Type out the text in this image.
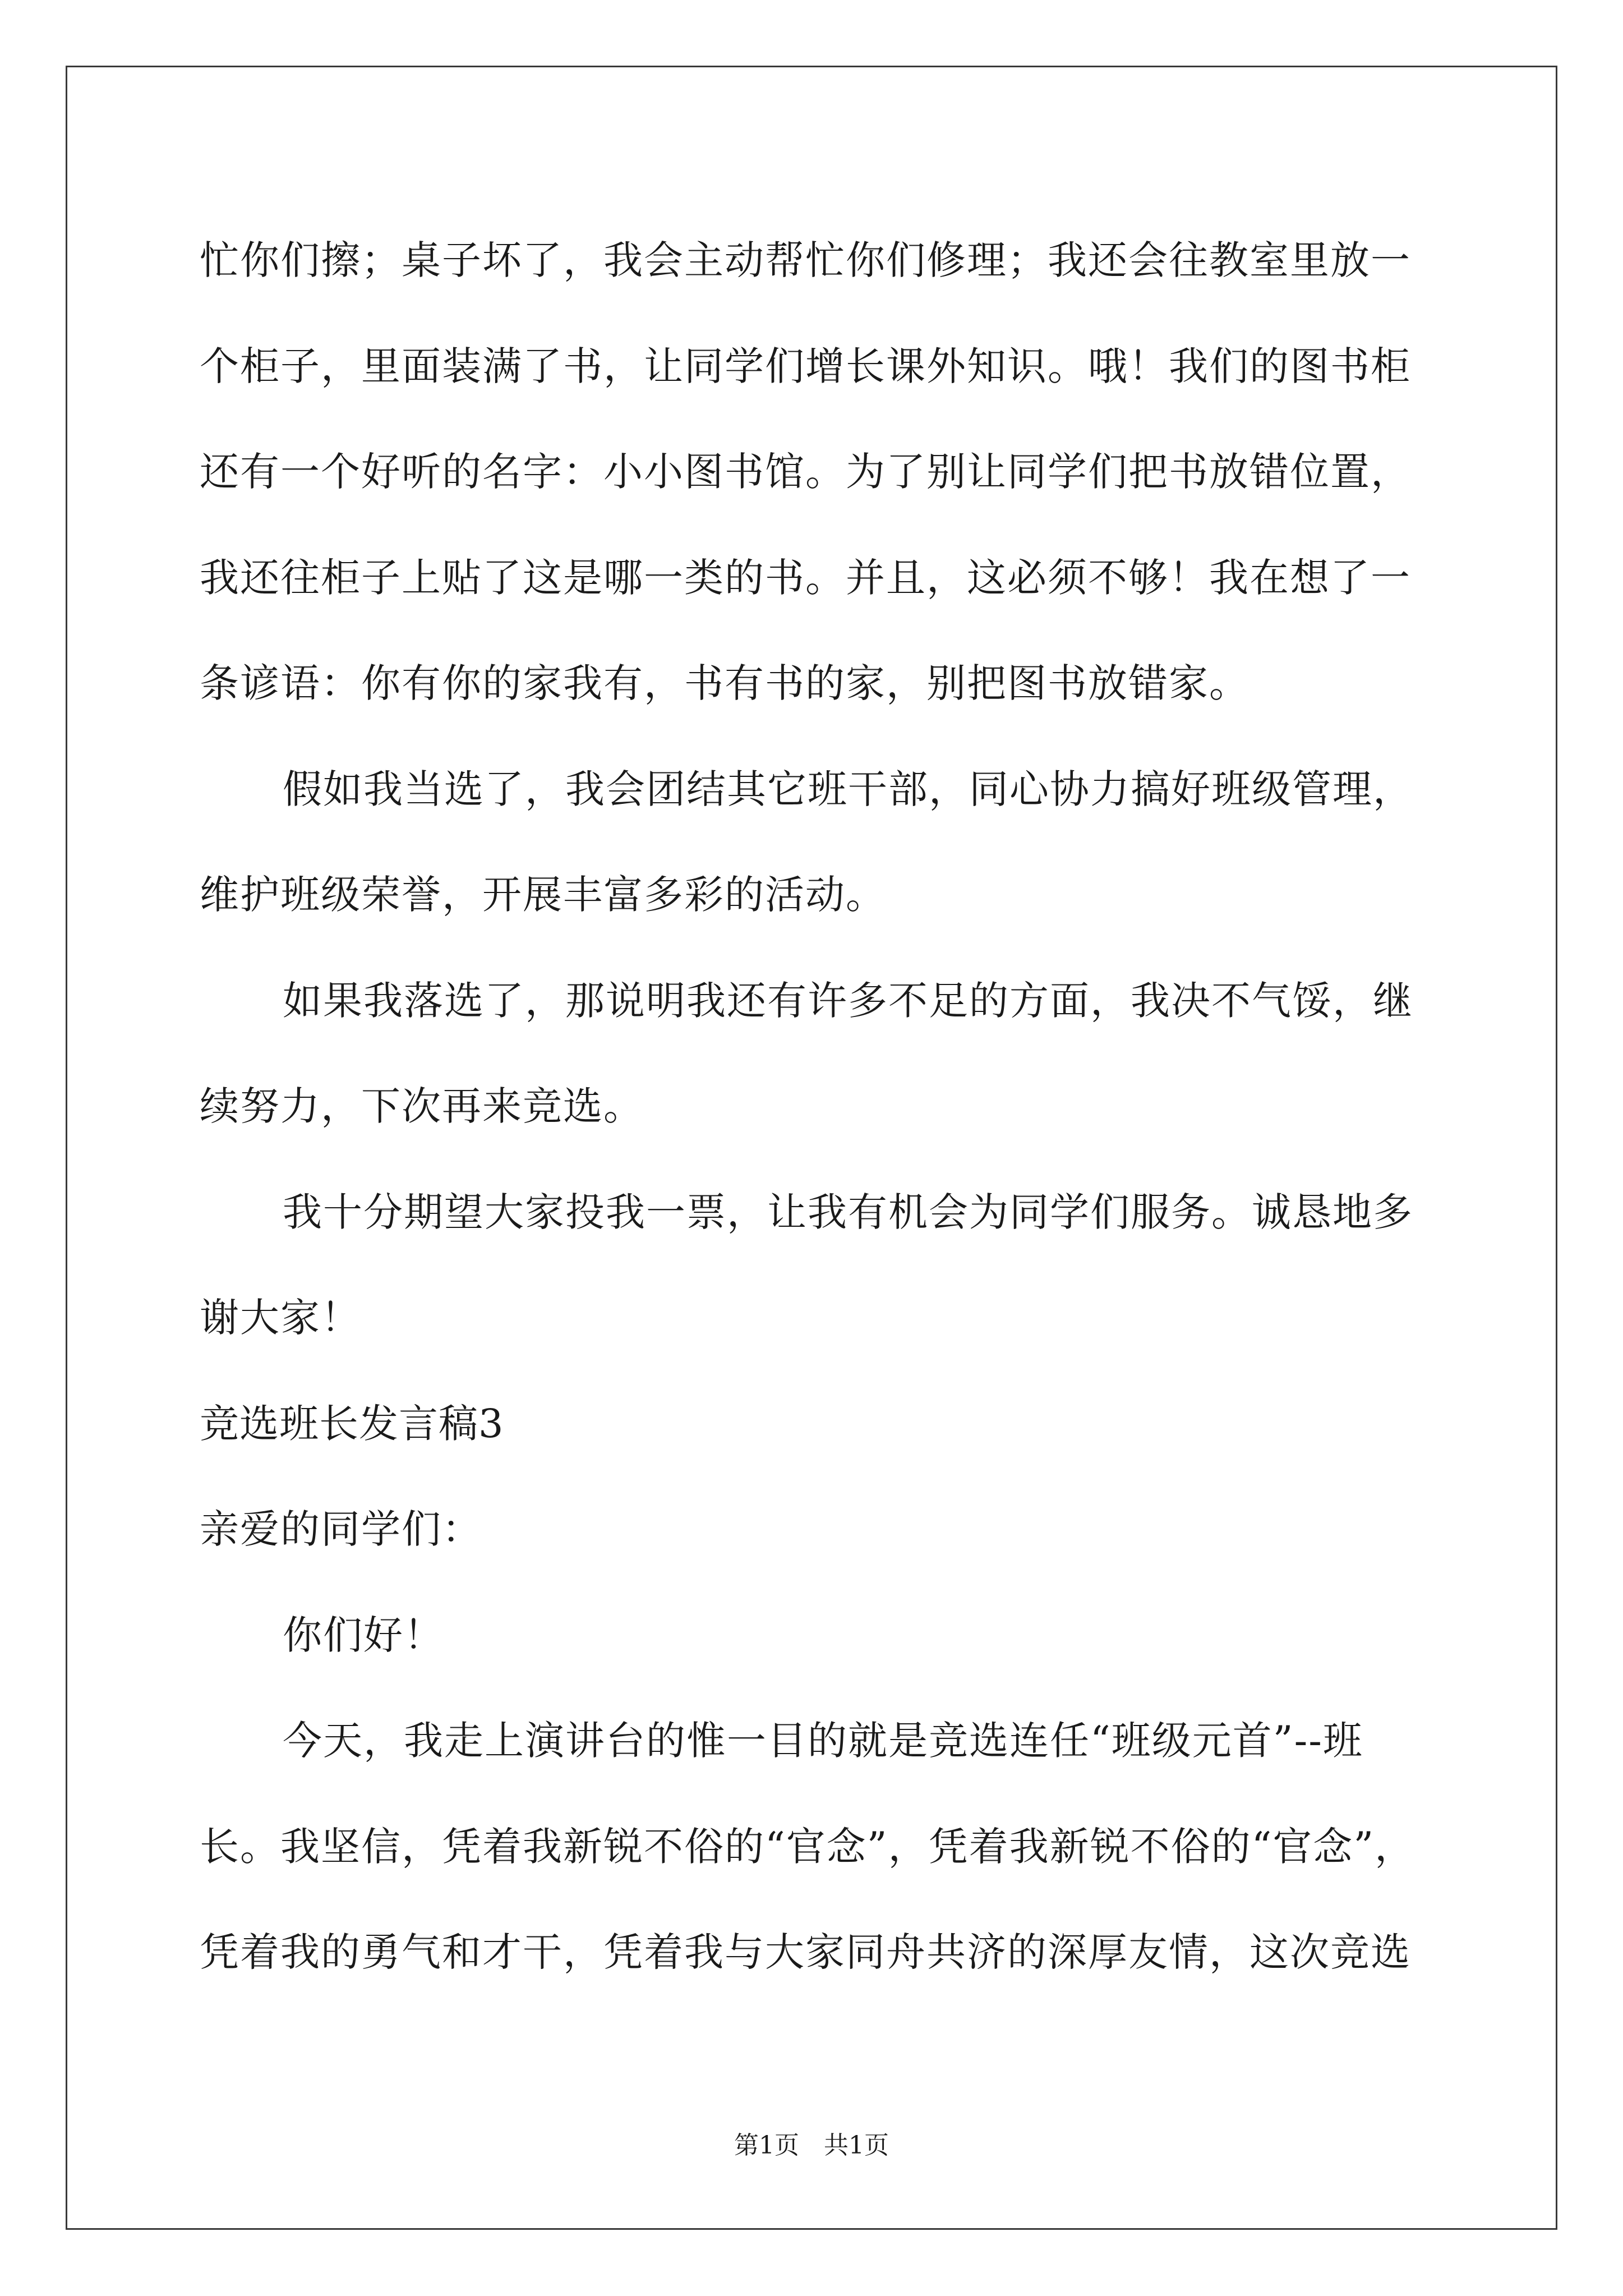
忙你们擦；桌子坏了，我会主动帮忙你们修理；我还会往教室里放一
个柜子，里面装满了书，让同学们增长课外知识。哦！我们的图书柜
还有一个好听的名字：小小图书馆。为了别让同学们把书放错位置，
我还往柜子上贴了这是哪一类的书。并且，这必须不够！我在想了一
条谚语：你有你的家我有，书有书的家，别把图书放错家。
假如我当选了，我会团结其它班干部，同心协力搞好班级管理，
维护班级荣誉，开展丰富多彩的活动。
如果我落选了，那说明我还有许多不足的方面，我决不气馁，继
续努力，下次再来竞选。
我十分期望大家投我一票，让我有机会为同学们服务。诚恳地多
谢大家！
竞选班长发言稿3
亲爱的同学们：
你们好！
今天，我走上演讲台的惟一目的就是竞选连任“班级元首”--班
长。我坚信，凭着我新锐不俗的“官念”，凭着我新锐不俗的“官念”，
凭着我的勇气和才干，凭着我与大家同舟共济的深厚友情，这次竞选
第1页　共1页
